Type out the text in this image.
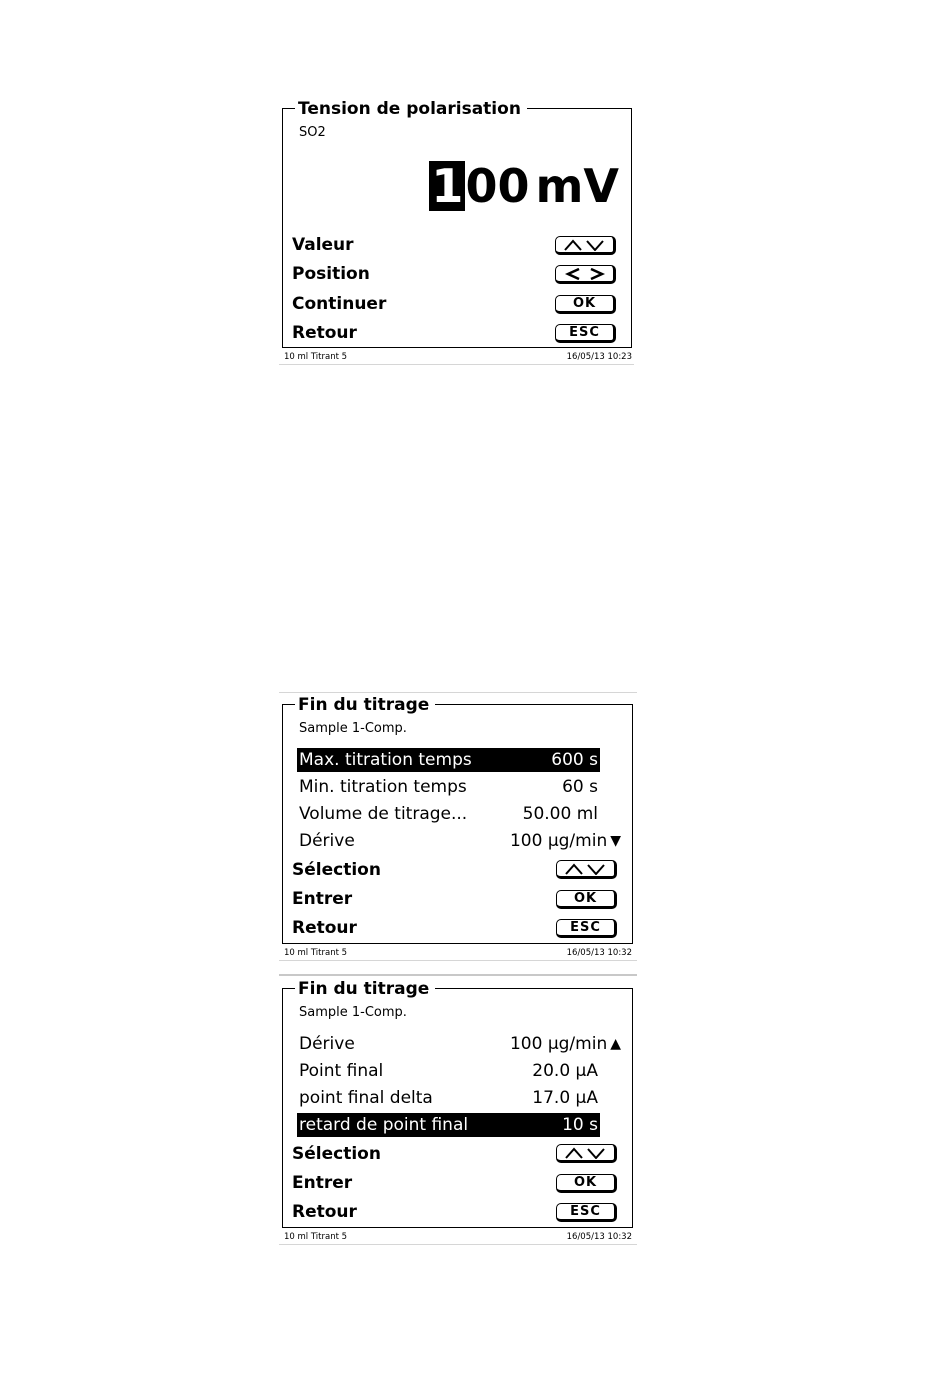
Tension de polarisation
SO2
1 00 mV
Valeur
Position
Continuer	OK
Retour	ESC
10 ml Titrant 5	16/05/13 10:23
Fin du titrage
Sample 1-Comp.
Max. titration temps	600 s
Min. titration temps	60 s
Volume de titrage...	50.00 ml
Dérive	100 µg/min ▼
Sélection
Entrer	OK
Retour	ESC
10 ml Titrant 5	16/05/13 10:32
Fin du titrage
Sample 1-Comp.
Dérive	100 µg/min ▲
Point final	20.0 µA
point final delta	17.0 µA
retard de point final	10 s
Sélection
Entrer	OK
Retour	ESC
10 ml Titrant 5	16/05/13 10:32
